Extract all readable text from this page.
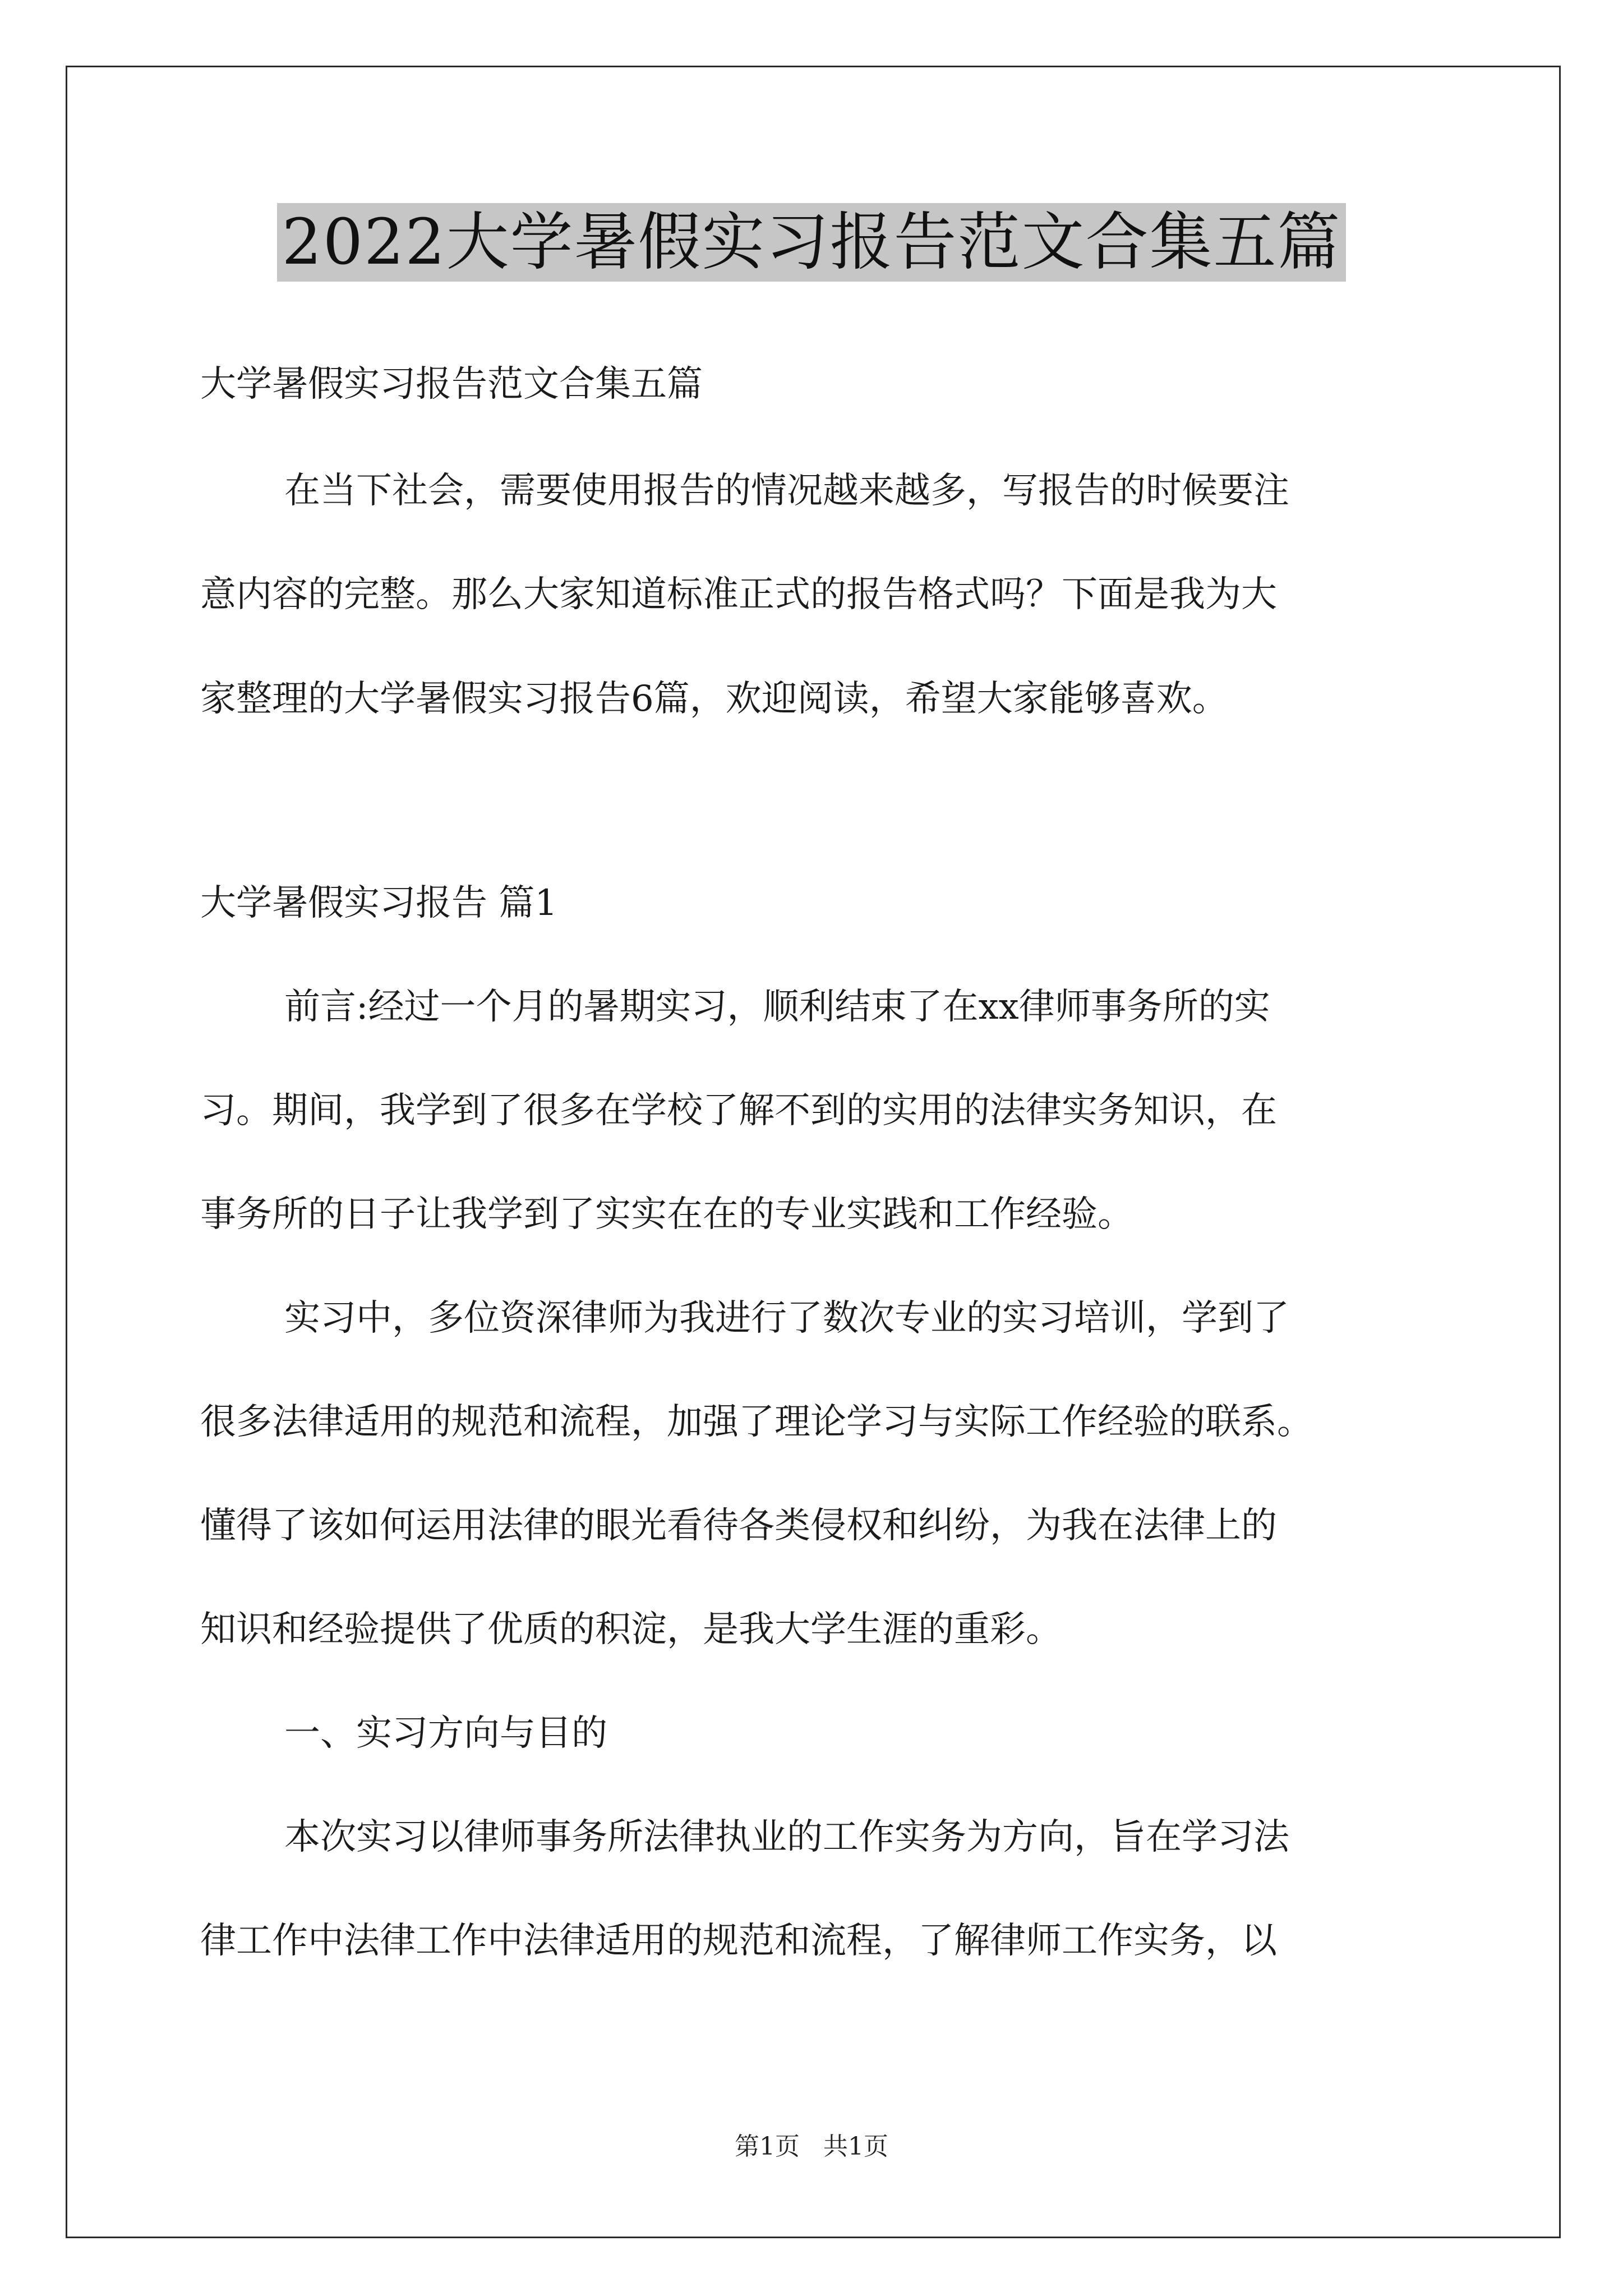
2022大学暑假实习报告范文合集五篇
大学暑假实习报告范文合集五篇
在当下社会，需要使用报告的情况越来越多，写报告的时候要注
意内容的完整。那么大家知道标准正式的报告格式吗？下面是我为大
家整理的大学暑假实习报告6篇，欢迎阅读，希望大家能够喜欢。
大学暑假实习报告 篇1
前言:经过一个月的暑期实习，顺利结束了在xx律师事务所的实
习。期间，我学到了很多在学校了解不到的实用的法律实务知识，在
事务所的日子让我学到了实实在在的专业实践和工作经验。
实习中，多位资深律师为我进行了数次专业的实习培训，学到了
很多法律适用的规范和流程，加强了理论学习与实际工作经验的联系。
懂得了该如何运用法律的眼光看待各类侵权和纠纷，为我在法律上的
知识和经验提供了优质的积淀，是我大学生涯的重彩。
一、实习方向与目的
本次实习以律师事务所法律执业的工作实务为方向，旨在学习法
律工作中法律工作中法律适用的规范和流程，了解律师工作实务，以
第1页 共1页
